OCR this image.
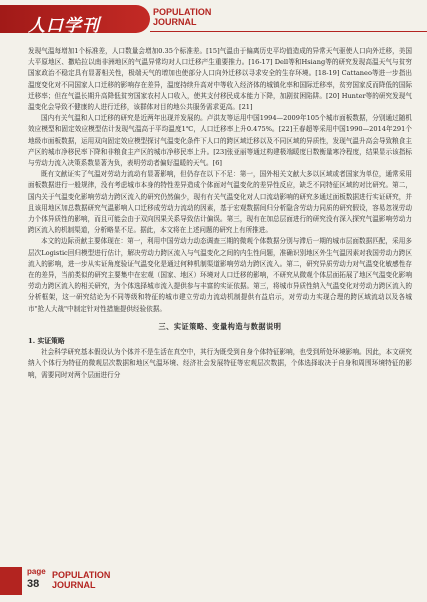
人口学刊
POPULATION
JOURNAL

发现气温每增加1个标准差，人口数量会增加0.35个标准差。[15]气温由于偏离历史平均值造成的异常天气驱使人口向外迁移，美国大平原地区、撒哈拉以南非洲地区的气温异常均对人口迁移产生重要推力。[16-17] Dell等和Hsiang等的研究发现高温天气与贫穷国家政治不稳定具有显著相关性，极端天气的增加也使部分人口向外迁移以寻求安全的生存环境。[18-19] Cattaneo等进一步指出温度变化对不同国家人口迁移的影响存在差异，温度持续升高对中等收入经济体的城镇化率和国际迁移率，贫穷国家反而降低的国际迁移率；但在气温长期升高降低贫穷国家农村人口收入，使其支付移民成本能力下降，加剧贫困陷阱。[20] Hunter等的研究发现气温变化会导致不健康的人进行迁移，该群体对目的地公共服务需求更高。[21]

国内有关气温和人口迁移的研究是近两年出现并发展的。卢洪友等运用中国1994—2009年105个城市面板数据，分别通过随机效应模型和固定效应模型估计发现气温高于平均温度1℃，人口迁移率上升0.475%。[22]王春超等采用中国1990—2014年291个地级市面板数据，运用双向固定效应模型探讨气温变化条件下人口的跨区域迁移以及不同区域的异质性，发现气温升高会导致粮食主产区的城市净移民率下降和非粮食主产区的城市净移民率上升。[23]张亚丽等通过构建极端暖度日数衡量寒冷程度，结果显示该指标与劳动力流入决策系数显著为负，表明劳动者偏好温暖的天气。[6]

既有文献证实了气温对劳动力流动有显著影响，但仍存在以下不足：第一，国外相关文献大多以区域或者国家为单位，通常采用面板数据进行一般规律，没有考虑城市本身的特性差异造成个体面对气温变化的差异性反应，缺乏不同特征区域的对比研究。第二，国内关于气温变化影响劳动力跨区流入的研究仍然偏少，现有有关气温变化对人口流动影响的研究多通过面板数据进行实证研究，并且该用地区加总数据研究气温影响人口迁移成劳动力流动的因素，基于宏观数据间归分析隐含劳动力同质的研究假设，容易忽视劳动力个体异质性的影响，而且可能会由于双向因果关系导致估计偏误。第三，现有在加总层面进行的研究没有深入探究气温影响劳动力跨区流入的机制渠道，分析略显不足。据此，本文将在上述问题的研究上有所推进。

本文的边际贡献主要体现在：第一，利用中国劳动力动态调查三期的微观个体数据分别与滞后一期的城市层面数据匹配，采用多层次Logistic回归模型进行估计，解决劳动力跨区流入与气温变化之间的内生性问题，准确识别地区外生气温因素对我国劳动力跨区流入的影响，进一步从实证角度验证气温变化是通过何种机制渠道影响劳动力跨区流入。第二，研究异质劳动力对气温变化敏感性存在的差异，当前类似的研究主要集中在宏观（国家、地区）环境对人口迁移的影响，不研究从微观个体层面拓展了地区气温变化影响劳动力跨区流入的相关研究，为个体选择城市流入提供参与丰富的实证依据。第三，将城市异质性纳入气温变化对劳动力跨区流入的分析框架，这一研究结论为不同等级和特征的城市建立劳动力流动机制提供有益启示，对劳动力实现合理的跨区域流动以及各城市"抢人大战"中制定针对性措施提供经验依据。

三、实证策略、变量构造与数据说明

1. 实证策略

社会科学研究基本假设认为个体并不是生活在真空中，其行为既受到自身个体特征影响，也受到所处环境影响。因此，本文研究纳入个体行为特征的微观层次数据和地区气温环境、经济社会发展特征等宏观层次数据，个体选择取决于自身和周围环境特征的影响，需要同时对两个层面进行分

page
38
POPULATION
JOURNAL
